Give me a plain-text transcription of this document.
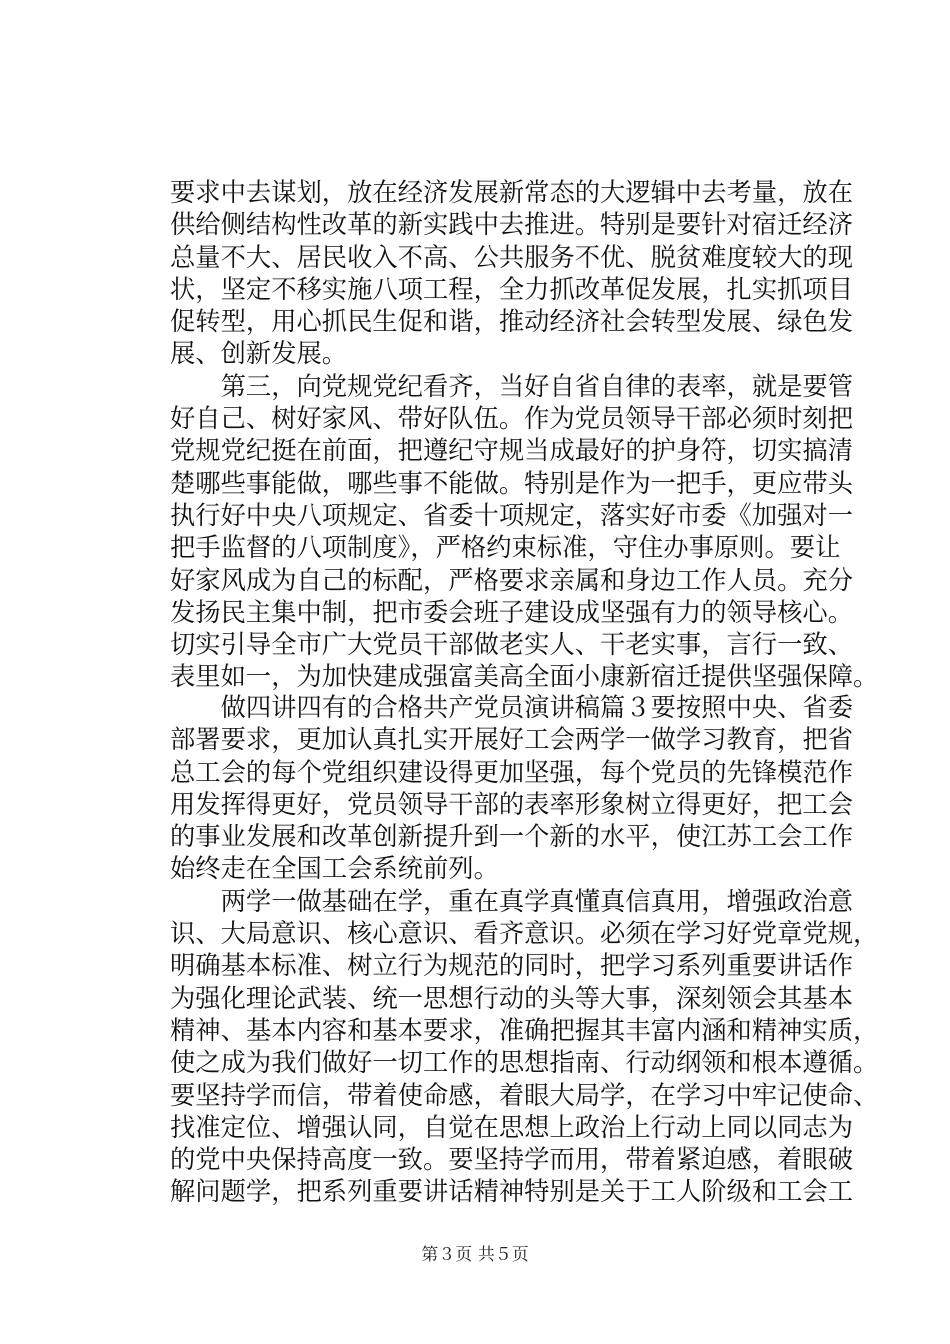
要求中去谋划，放在经济发展新常态的大逻辑中去考量，放在
供给侧结构性改革的新实践中去推进。特别是要针对宿迁经济
总量不大、居民收入不高、公共服务不优、脱贫难度较大的现
状，坚定不移实施八项工程，全力抓改革促发展，扎实抓项目
促转型，用心抓民生促和谐，推动经济社会转型发展、绿色发
展、创新发展。
　　第三，向党规党纪看齐，当好自省自律的表率，就是要管
好自己、树好家风、带好队伍。作为党员领导干部必须时刻把
党规党纪挺在前面，把遵纪守规当成最好的护身符，切实搞清
楚哪些事能做，哪些事不能做。特别是作为一把手，更应带头
执行好中央八项规定、省委十项规定，落实好市委《加强对一
把手监督的八项制度》，严格约束标准，守住办事原则。要让
好家风成为自己的标配，严格要求亲属和身边工作人员。充分
发扬民主集中制，把市委会班子建设成坚强有力的领导核心。
切实引导全市广大党员干部做老实人、干老实事，言行一致、
表里如一，为加快建成强富美高全面小康新宿迁提供坚强保障。
　　做四讲四有的合格共产党员演讲稿篇３要按照中央、省委
部署要求，更加认真扎实开展好工会两学一做学习教育，把省
总工会的每个党组织建设得更加坚强，每个党员的先锋模范作
用发挥得更好，党员领导干部的表率形象树立得更好，把工会
的事业发展和改革创新提升到一个新的水平，使江苏工会工作
始终走在全国工会系统前列。
　　两学一做基础在学，重在真学真懂真信真用，增强政治意
识、大局意识、核心意识、看齐意识。必须在学习好党章党规，
明确基本标准、树立行为规范的同时，把学习系列重要讲话作
为强化理论武装、统一思想行动的头等大事，深刻领会其基本
精神、基本内容和基本要求，准确把握其丰富内涵和精神实质，
使之成为我们做好一切工作的思想指南、行动纲领和根本遵循。
要坚持学而信，带着使命感，着眼大局学，在学习中牢记使命、
找准定位、增强认同，自觉在思想上政治上行动上同以同志为
的党中央保持高度一致。要坚持学而用，带着紧迫感，着眼破
解问题学，把系列重要讲话精神特别是关于工人阶级和工会工
第３页 共５页
